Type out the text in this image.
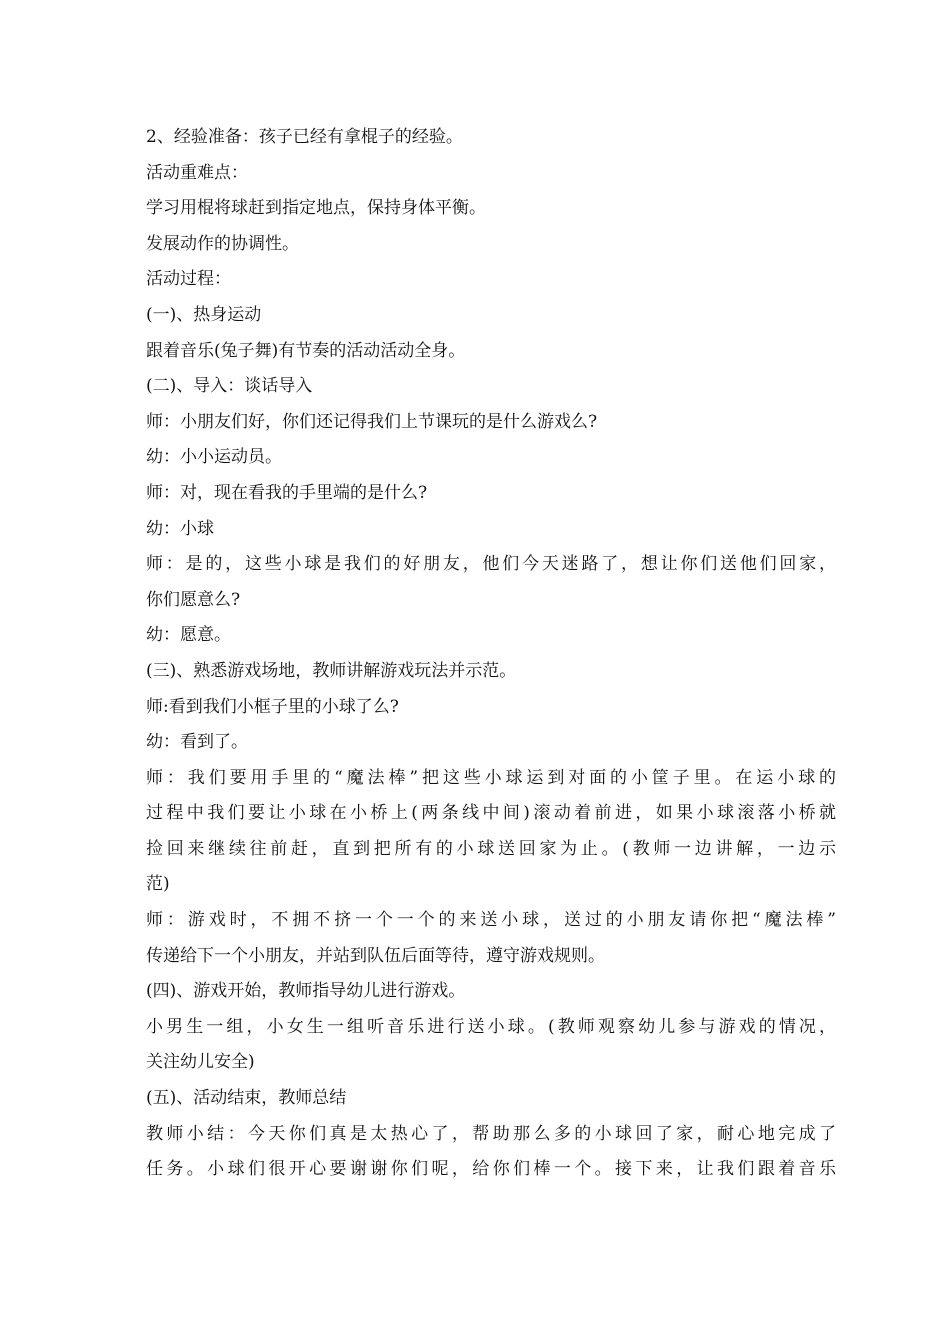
2、经验准备：孩子已经有拿棍子的经验。
活动重难点：
学习用棍将球赶到指定地点，保持身体平衡。
发展动作的协调性。
活动过程：
(一)、热身运动
跟着音乐(兔子舞)有节奏的活动活动全身。
(二)、导入：谈话导入
师：小朋友们好，你们还记得我们上节课玩的是什么游戏么?
幼：小小运动员。
师：对，现在看我的手里端的是什么?
幼：小球
师：是的，这些小球是我们的好朋友，他们今天迷路了，想让你们送他们回家，
你们愿意么?
幼：愿意。
(三)、熟悉游戏场地，教师讲解游戏玩法并示范。
师:看到我们小框子里的小球了么?
幼：看到了。
师：我们要用手里的“魔法棒”把这些小球运到对面的小筐子里。在运小球的
过程中我们要让小球在小桥上(两条线中间)滚动着前进，如果小球滚落小桥就
捡回来继续往前赶，直到把所有的小球送回家为止。(教师一边讲解，一边示
范)
师：游戏时，不拥不挤一个一个的来送小球，送过的小朋友请你把“魔法棒”
传递给下一个小朋友，并站到队伍后面等待，遵守游戏规则。
(四)、游戏开始，教师指导幼儿进行游戏。
小男生一组，小女生一组听音乐进行送小球。(教师观察幼儿参与游戏的情况，
关注幼儿安全)
(五)、活动结束，教师总结
教师小结：今天你们真是太热心了，帮助那么多的小球回了家，耐心地完成了
任务。小球们很开心要谢谢你们呢，给你们棒一个。接下来，让我们跟着音乐
